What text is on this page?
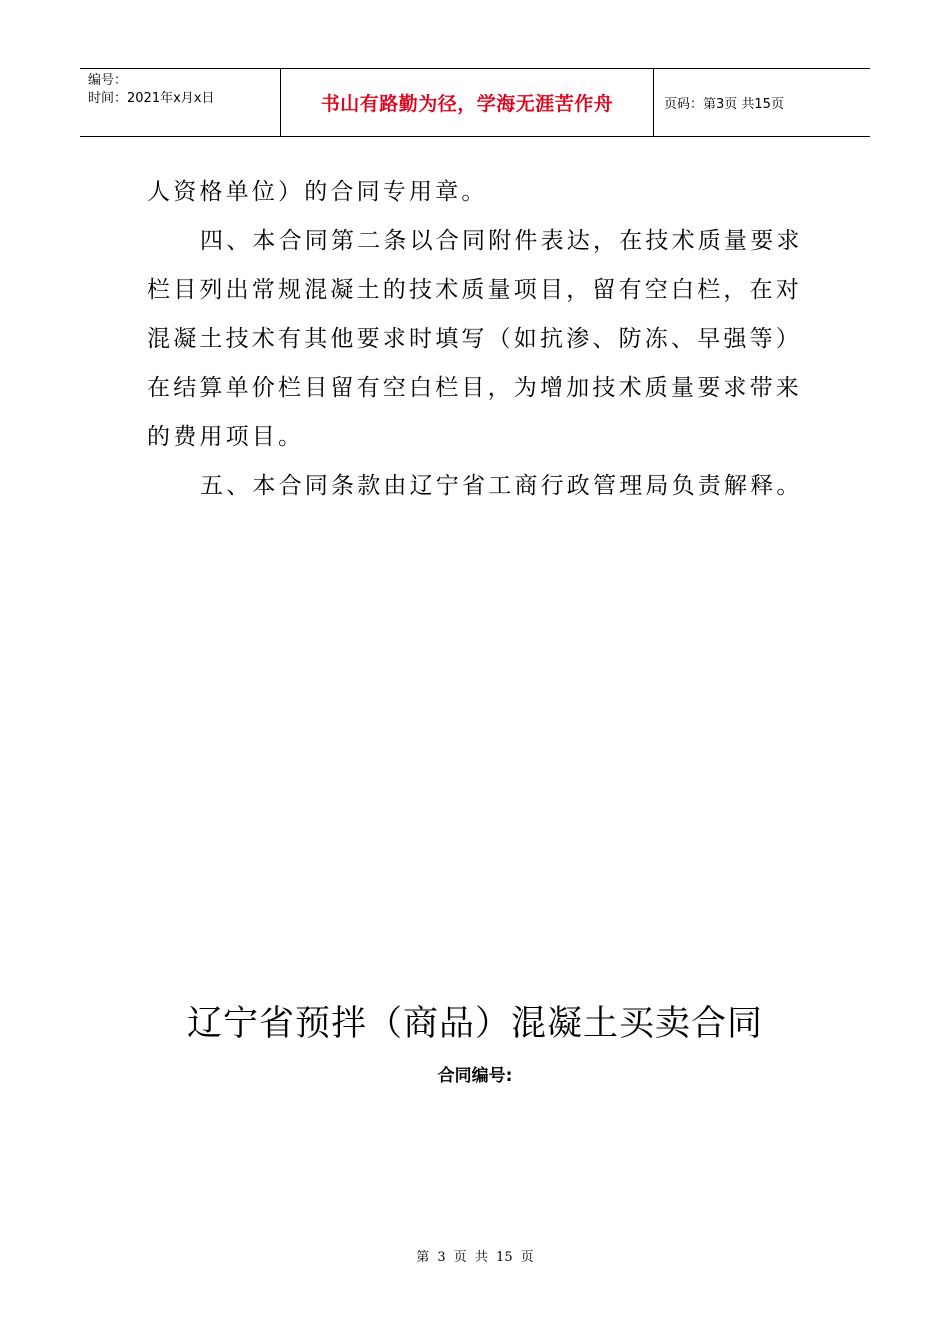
编号：
时间：2021年x月x日	书山有路勤为径，学海无涯苦作舟	页码：第3页 共15页

人资格单位）的合同专用章。

四、本合同第二条以合同附件表达，在技术质量要求栏目列出常规混凝土的技术质量项目，留有空白栏，在对混凝土技术有其他要求时填写（如抗渗、防冻、早强等）在结算单价栏目留有空白栏目，为增加技术质量要求带来的费用项目。

五、本合同条款由辽宁省工商行政管理局负责解释。

辽宁省预拌（商品）混凝土买卖合同
合同编号:
第 3 页 共 15 页
